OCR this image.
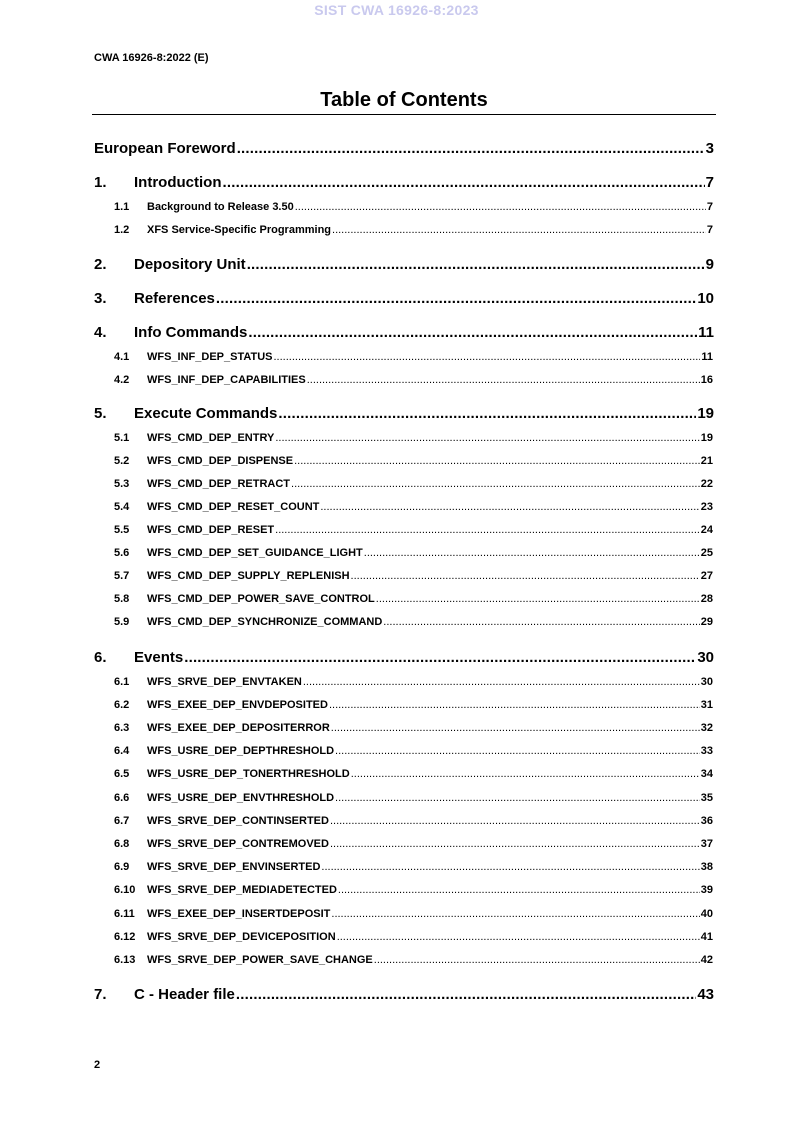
SIST CWA 16926-8:2023
CWA 16926-8:2022 (E)
Table of Contents
European Foreword .....	3
1.	Introduction .....	7
1.1	Background to Release 3.50 .....	7
1.2	XFS Service-Specific Programming .....	7
2.	Depository Unit .....	9
3.	References .....	10
4.	Info Commands .....	11
4.1	WFS_INF_DEP_STATUS .....	11
4.2	WFS_INF_DEP_CAPABILITIES .....	16
5.	Execute Commands .....	19
5.1	WFS_CMD_DEP_ENTRY .....	19
5.2	WFS_CMD_DEP_DISPENSE .....	21
5.3	WFS_CMD_DEP_RETRACT .....	22
5.4	WFS_CMD_DEP_RESET_COUNT .....	23
5.5	WFS_CMD_DEP_RESET .....	24
5.6	WFS_CMD_DEP_SET_GUIDANCE_LIGHT .....	25
5.7	WFS_CMD_DEP_SUPPLY_REPLENISH .....	27
5.8	WFS_CMD_DEP_POWER_SAVE_CONTROL .....	28
5.9	WFS_CMD_DEP_SYNCHRONIZE_COMMAND .....	29
6.	Events .....	30
6.1	WFS_SRVE_DEP_ENVTAKEN .....	30
6.2	WFS_EXEE_DEP_ENVDEPOSITED .....	31
6.3	WFS_EXEE_DEP_DEPOSITERROR .....	32
6.4	WFS_USRE_DEP_DEPTHRESHOLD .....	33
6.5	WFS_USRE_DEP_TONERTHRESHOLD .....	34
6.6	WFS_USRE_DEP_ENVTHRESHOLD .....	35
6.7	WFS_SRVE_DEP_CONTINSERTED .....	36
6.8	WFS_SRVE_DEP_CONTREMOVED .....	37
6.9	WFS_SRVE_DEP_ENVINSERTED .....	38
6.10	WFS_SRVE_DEP_MEDIADETECTED .....	39
6.11	WFS_EXEE_DEP_INSERTDEPOSIT .....	40
6.12	WFS_SRVE_DEP_DEVICEPOSITION .....	41
6.13	WFS_SRVE_DEP_POWER_SAVE_CHANGE .....	42
7.	C - Header file .....	43
2
